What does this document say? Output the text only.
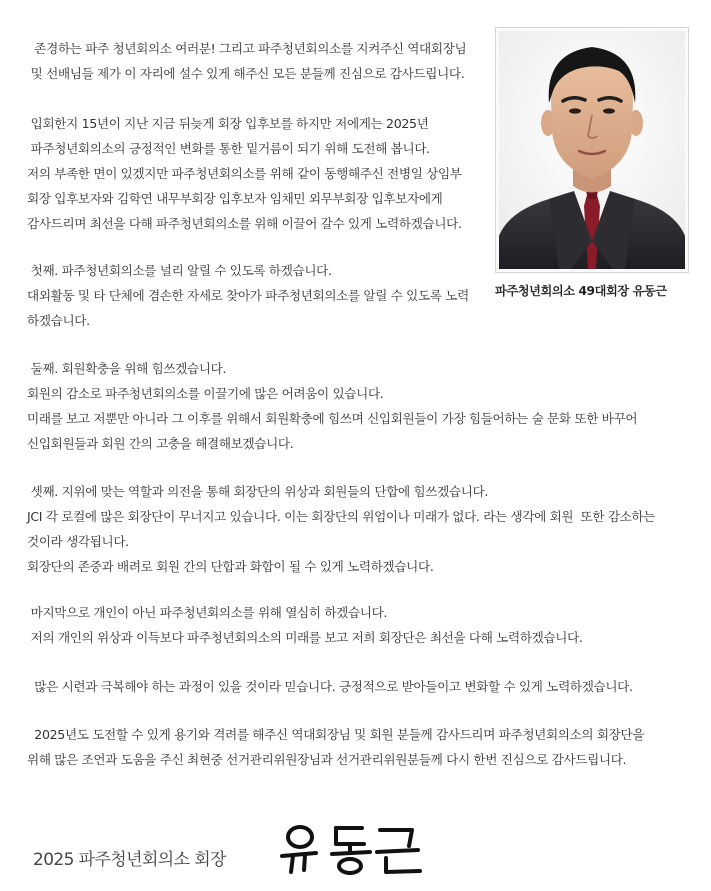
존경하는 파주 청년회의소 여러분! 그리고 파주청년회의소를 지켜주신 역대회장님
및 선배님들 제가 이 자리에 설수 있게 해주신 모든 분들께 진심으로 감사드립니다.

입회한지 15년이 지난 지금 뒤늦게 회장 입후보를 하지만 저에게는 2025년
파주청년회의소의 긍정적인 변화를 통한 밑거름이 되기 위해 도전해 봅니다.
저의 부족한 면이 있겠지만 파주청년회의소를 위해 같이 동행해주신 전병일 상임부
회장 입후보자와 김학연 내무부회장 입후보자 임채민 외무부회장 입후보자에게
감사드리며 최선을 다해 파주청년회의소를 위해 이끌어 갈수 있게 노력하겠습니다.

첫째. 파주청년회의소를 널리 알릴 수 있도록 하겠습니다.
대외활동 및 타 단체에 겸손한 자세로 찾아가 파주청년회의소를 알릴 수 있도록 노력
하겠습니다.

둘째. 회원확충을 위해 힘쓰겠습니다.
회원의 감소로 파주청년회의소를 이끌기에 많은 어려움이 있습니다.
미래를 보고 저뿐만 아니라 그 이후를 위해서 회원확충에 힘쓰며 신입회원들이 가장 힘들어하는 술 문화 또한 바꾸어
신입회원들과 회원 간의 고충을 해결해보겠습니다.

셋째. 지위에 맞는 역할과 의전을 통해 회장단의 위상과 회원들의 단합에 힘쓰겠습니다.
JCI 각 로컬에 많은 회장단이 무너지고 있습니다. 이는 회장단의 위엄이나 미래가 없다. 라는 생각에 회원  또한 감소하는
것이라 생각됩니다.
회장단의 존중과 배려로 회원 간의 단합과 화합이 될 수 있게 노력하겠습니다.

마지막으로 개인이 아닌 파주청년회의소를 위해 열심히 하겠습니다.
저의 개인의 위상과 이득보다 파주청년회의소의 미래를 보고 저희 회장단은 최선을 다해 노력하겠습니다.

많은 시련과 극복해야 하는 과정이 있을 것이라 믿습니다. 긍정적으로 받아들이고 변화할 수 있게 노력하겠습니다.

2025년도 도전할 수 있게 용기와 격려를 해주신 역대회장님 및 회원 분들께 감사드리며 파주청년회의소의 회장단을
위해 많은 조언과 도움을 주신 최현중 선거관리위원장님과 선거관리위원분들께 다시 한번 진심으로 감사드립니다.

파주청년회의소 49대회장 유동근
2025 파주청년회의소 회장
